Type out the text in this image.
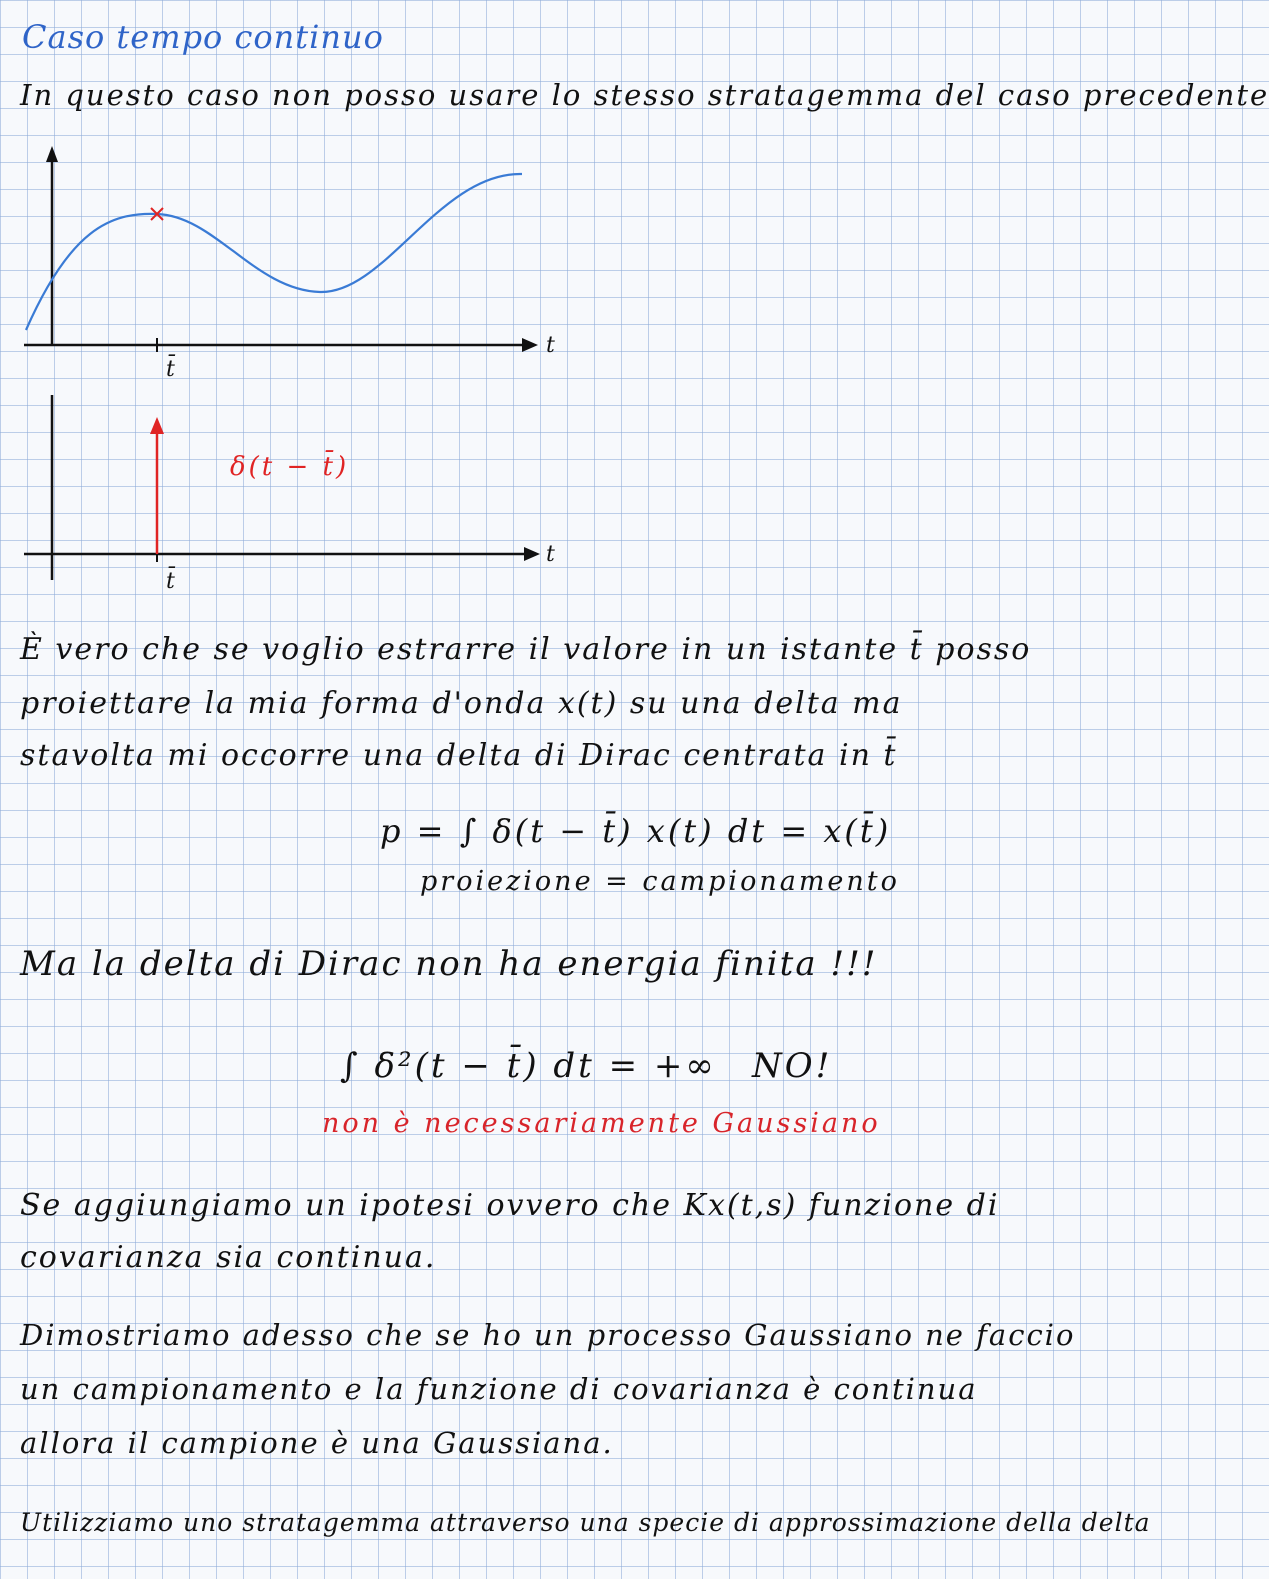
Caso tempo continuo
In questo caso non posso usare lo stesso stratagemma del caso precedente
t
t̄
t
t̄
δ(t − t̄)
È vero che se voglio estrarre il valore in un istante t̄ posso
proiettare la mia forma d'onda x(t) su una delta ma
stavolta mi occorre una delta di Dirac centrata in t̄
p = ∫ δ(t − t̄) x(t) dt = x(t̄)
proiezione = campionamento
Ma la delta di Dirac non ha energia finita !!!
∫ δ²(t − t̄) dt = +∞ NO!
non è necessariamente Gaussiano
Se aggiungiamo un ipotesi ovvero che Kx(t,s) funzione di
covarianza sia continua.
Dimostriamo adesso che se ho un processo Gaussiano ne faccio
un campionamento e la funzione di covarianza è continua
allora il campione è una Gaussiana.
Utilizziamo uno stratagemma attraverso una specie di approssimazione della delta
